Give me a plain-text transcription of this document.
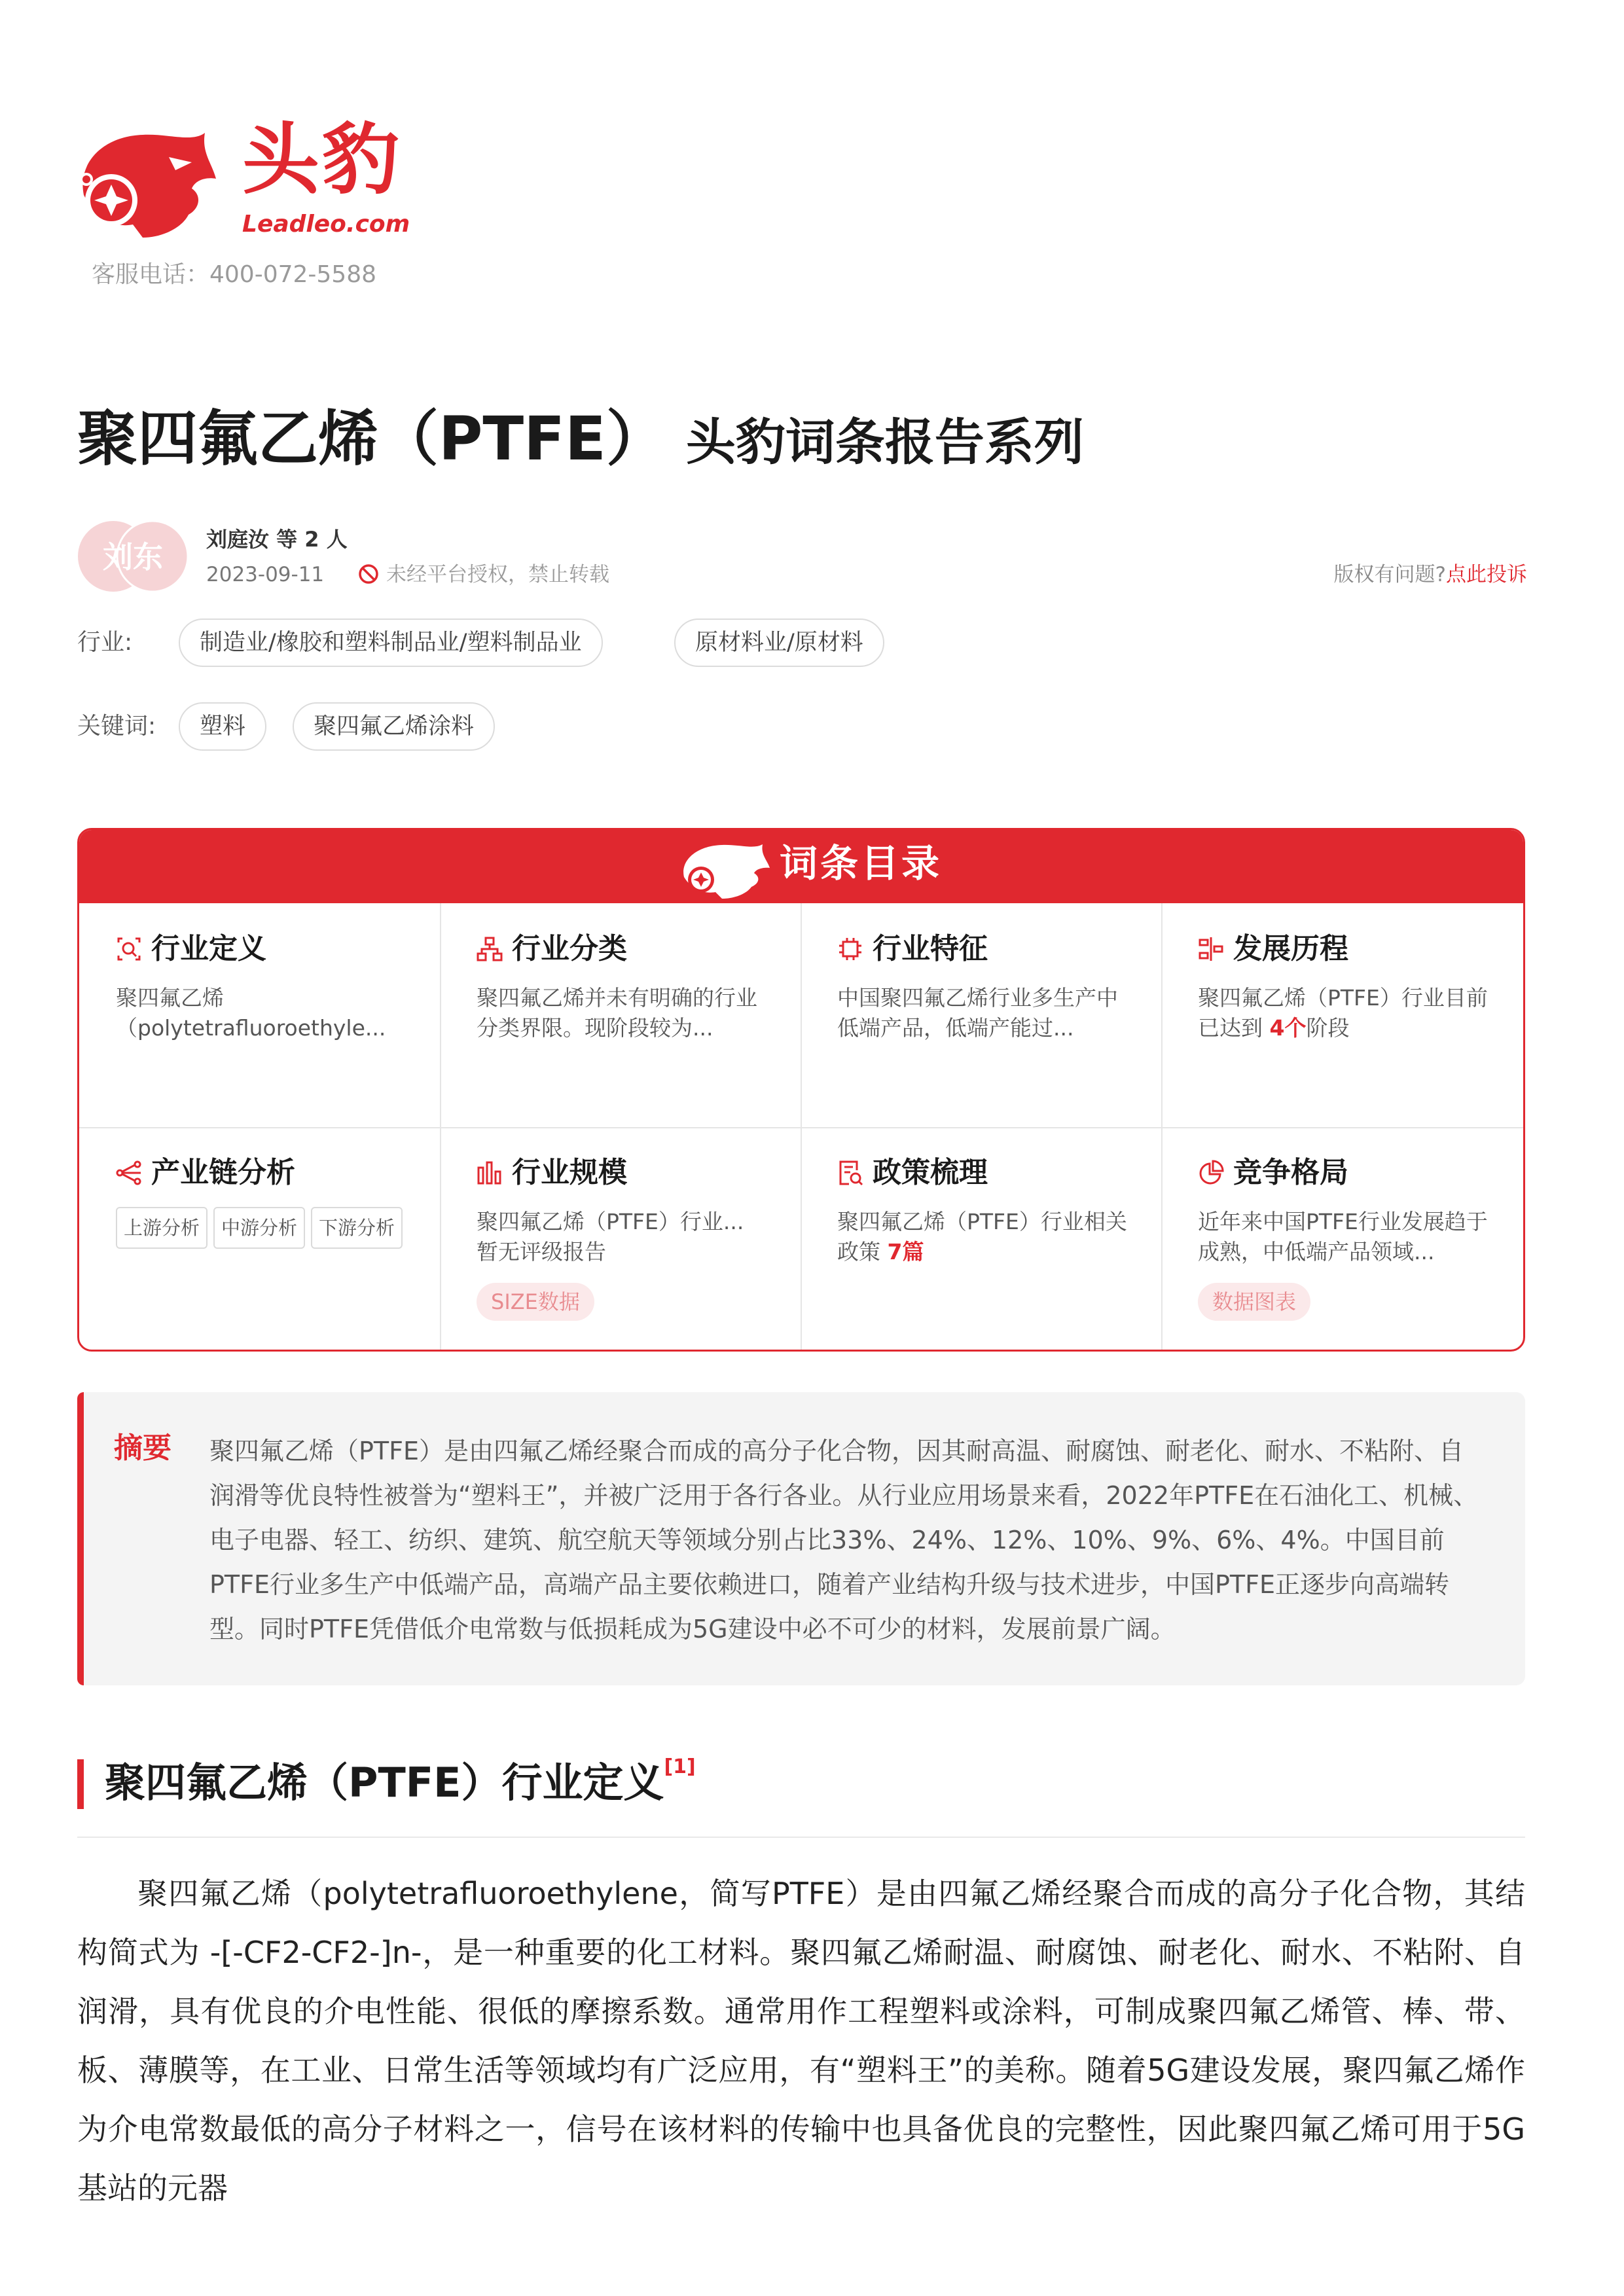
头豹
Leadleo.com
客服电话：400-072-5588
聚四氟乙烯（PTFE） 头豹词条报告系列
刘东 刘庭汝 等 2 人
2023-09-11	未经平台授权，禁止转载	版权有问题?点此投诉
行业:	制造业/橡胶和塑料制品业/塑料制品业	原材料业/原材料
关键词:	塑料	聚四氟乙烯涂料
词条目录
行业定义
聚四氟乙烯（polytetrafluoroethyle...
行业分类
聚四氟乙烯并未有明确的行业分类界限。现阶段较为...
行业特征
中国聚四氟乙烯行业多生产中低端产品，低端产能过...
发展历程
聚四氟乙烯（PTFE）行业目前已达到 4个阶段
产业链分析
上游分析	中游分析	下游分析
行业规模
聚四氟乙烯（PTFE）行业...
暂无评级报告
SIZE数据
政策梳理
聚四氟乙烯（PTFE）行业相关政策 7篇
竞争格局
近年来中国PTFE行业发展趋于成熟，中低端产品领域...
数据图表
摘要 聚四氟乙烯（PTFE）是由四氟乙烯经聚合而成的高分子化合物，因其耐高温、耐腐蚀、耐老化、耐水、不粘附、自润滑等优良特性被誉为“塑料王”，并被广泛用于各行各业。从行业应用场景来看，2022年PTFE在石油化工、机械、电子电器、轻工、纺织、建筑、航空航天等领域分别占比33%、24%、12%、10%、9%、6%、4%。中国目前PTFE行业多生产中低端产品，高端产品主要依赖进口，随着产业结构升级与技术进步，中国PTFE正逐步向高端转型。同时PTFE凭借低介电常数与低损耗成为5G建设中必不可少的材料，发展前景广阔。
聚四氟乙烯（PTFE）行业定义[1]
聚四氟乙烯（polytetrafluoroethylene，简写PTFE）是由四氟乙烯经聚合而成的高分子化合物，其结构简式为 -[-CF2-CF2-]n-，是一种重要的化工材料。聚四氟乙烯耐温、耐腐蚀、耐老化、耐水、不粘附、自润滑，具有优良的介电性能、很低的摩擦系数。通常用作工程塑料或涂料，可制成聚四氟乙烯管、棒、带、板、薄膜等，在工业、日常生活等领域均有广泛应用，有“塑料王”的美称。随着5G建设发展，聚四氟乙烯作为介电常数最低的高分子材料之一，信号在该材料的传输中也具备优良的完整性，因此聚四氟乙烯可用于5G基站的元器
